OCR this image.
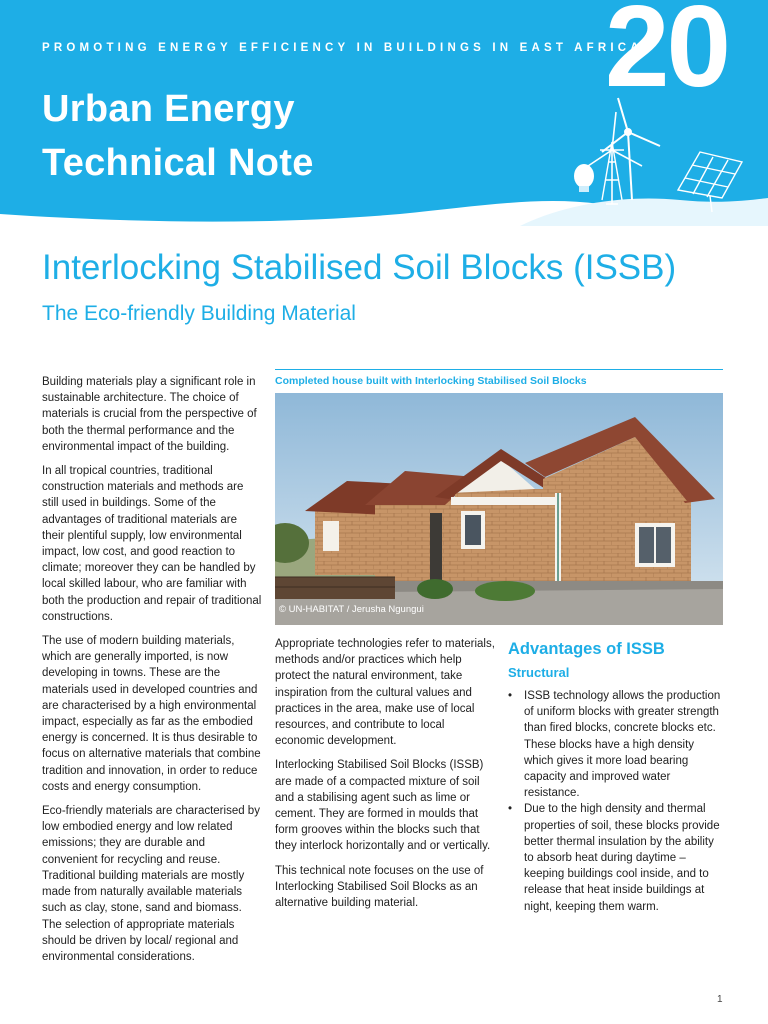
PROMOTING ENERGY EFFICIENCY IN BUILDINGS IN EAST AFRICA
Urban Energy
Technical Note
20
Interlocking Stabilised Soil Blocks (ISSB)
The Eco-friendly Building Material

Building materials play a significant role in sustainable architecture. The choice of materials is crucial from the perspective of both the thermal performance and the environmental impact of the building.

In all tropical countries, traditional construction materials and methods are still used in buildings. Some of the advantages of traditional materials are their plentiful supply, low environmental impact, low cost, and good reaction to climate; moreover they can be handled by local skilled labour, who are familiar with both the production and repair of traditional constructions.

The use of modern building materials, which are generally imported, is now developing in towns. These are the materials used in developed countries and are characterised by a high environmental impact, especially as far as the embodied energy is concerned. It is thus desirable to focus on alternative materials that combine tradition and innovation, in order to reduce costs and energy consumption.

Eco-friendly materials are characterised by low embodied energy and low related emissions; they are durable and convenient for recycling and reuse. Traditional building materials are mostly made from naturally available materials such as clay, stone, sand and biomass. The selection of appropriate materials should be driven by local/ regional and environmental considerations.

Completed house built with Interlocking Stabilised Soil Blocks
© UN-HABITAT / Jerusha Ngungui

Appropriate technologies refer to materials, methods and/or practices which help protect the natural environment, take inspiration from the cultural values and practices in the area, make use of local resources, and contribute to local economic development.

Interlocking Stabilised Soil Blocks (ISSB) are made of a compacted mixture of soil and a stabilising agent such as lime or cement. They are formed in moulds that form grooves within the blocks such that they interlock horizontally and or vertically.

This technical note focuses on the use of Interlocking Stabilised Soil Blocks as an alternative building material.

Advantages of ISSB
Structural
• ISSB technology allows the production of uniform blocks with greater strength than fired blocks, concrete blocks etc. These blocks have a high density which gives it more load bearing capacity and improved water resistance.
• Due to the high density and thermal properties of soil, these blocks provide better thermal insulation by the ability to absorb heat during daytime – keeping buildings cool inside, and to release that heat inside buildings at night, keeping them warm.
1
